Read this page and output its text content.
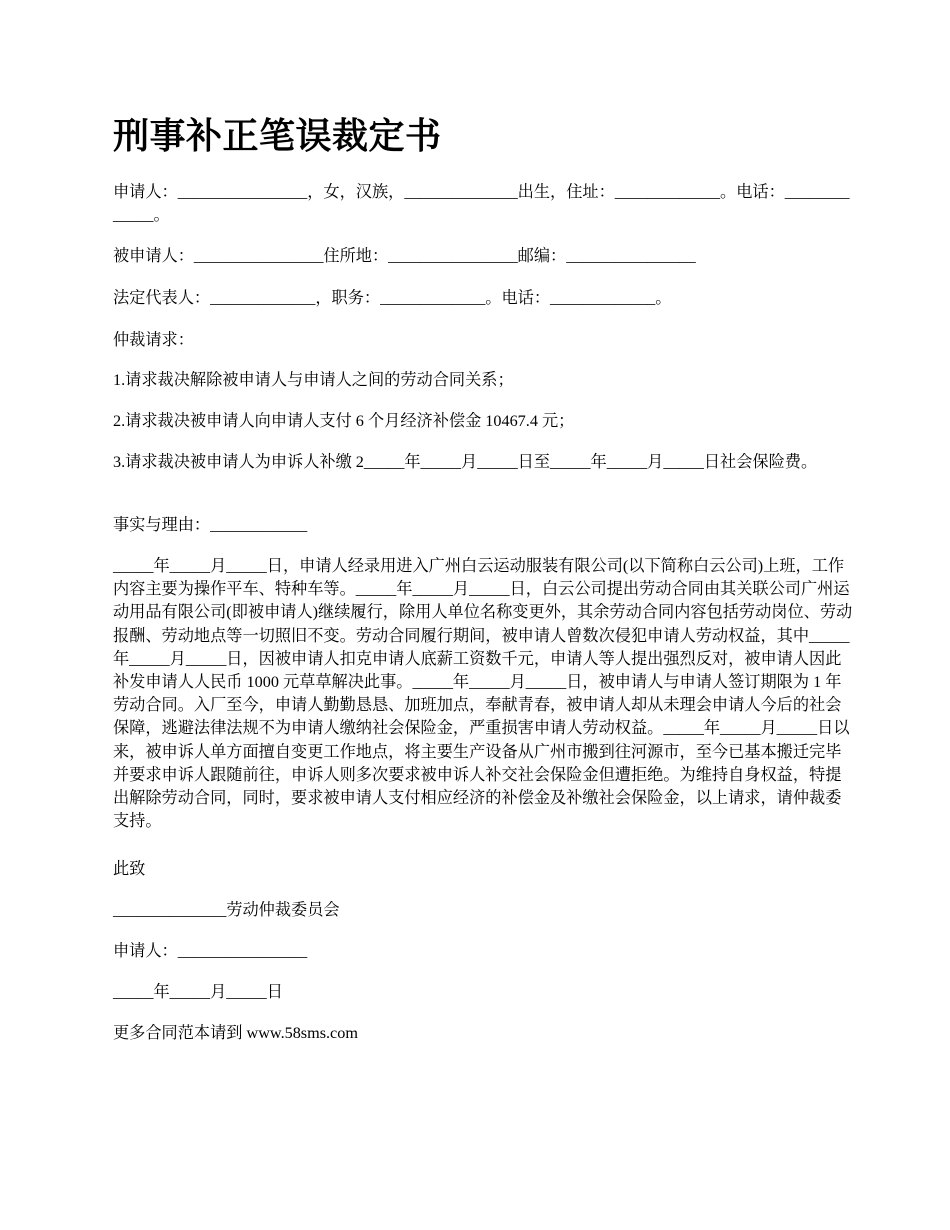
刑事补正笔误裁定书

申请人：________________，女，汉族，______________出生，住址：_____________。电话：_____________。

被申请人：________________住所地：________________邮编：________________

法定代表人：_____________，职务：_____________。电话：_____________。

仲裁请求：

1.请求裁决解除被申请人与申请人之间的劳动合同关系；

2.请求裁决被申请人向申请人支付 6 个月经济补偿金 10467.4 元；

3.请求裁决被申请人为申诉人补缴 2_____年_____月_____日至_____年_____月_____日社会保险费。

事实与理由：____________

_____年_____月_____日，申请人经录用进入广州白云运动服装有限公司(以下简称白云公司)上班，工作内容主要为操作平车、特种车等。_____年_____月_____日，白云公司提出劳动合同由其关联公司广州运动用品有限公司(即被申请人)继续履行，除用人单位名称变更外，其余劳动合同内容包括劳动岗位、劳动报酬、劳动地点等一切照旧不变。劳动合同履行期间，被申请人曾数次侵犯申请人劳动权益，其中_____年_____月_____日，因被申请人扣克申请人底薪工资数千元，申请人等人提出强烈反对，被申请人因此补发申请人人民币 1000 元草草解决此事。_____年_____月_____日，被申请人与申请人签订期限为 1 年劳动合同。入厂至今，申请人勤勤恳恳、加班加点，奉献青春，被申请人却从未理会申请人今后的社会保障，逃避法律法规不为申请人缴纳社会保险金，严重损害申请人劳动权益。_____年_____月_____日以来，被申诉人单方面擅自变更工作地点，将主要生产设备从广州市搬到往河源市，至今已基本搬迁完毕并要求申诉人跟随前往，申诉人则多次要求被申诉人补交社会保险金但遭拒绝。为维持自身权益，特提出解除劳动合同，同时，要求被申请人支付相应经济的补偿金及补缴社会保险金，以上请求，请仲裁委支持。

此致

______________劳动仲裁委员会

申请人：________________

_____年_____月_____日

更多合同范本请到 www.58sms.com
